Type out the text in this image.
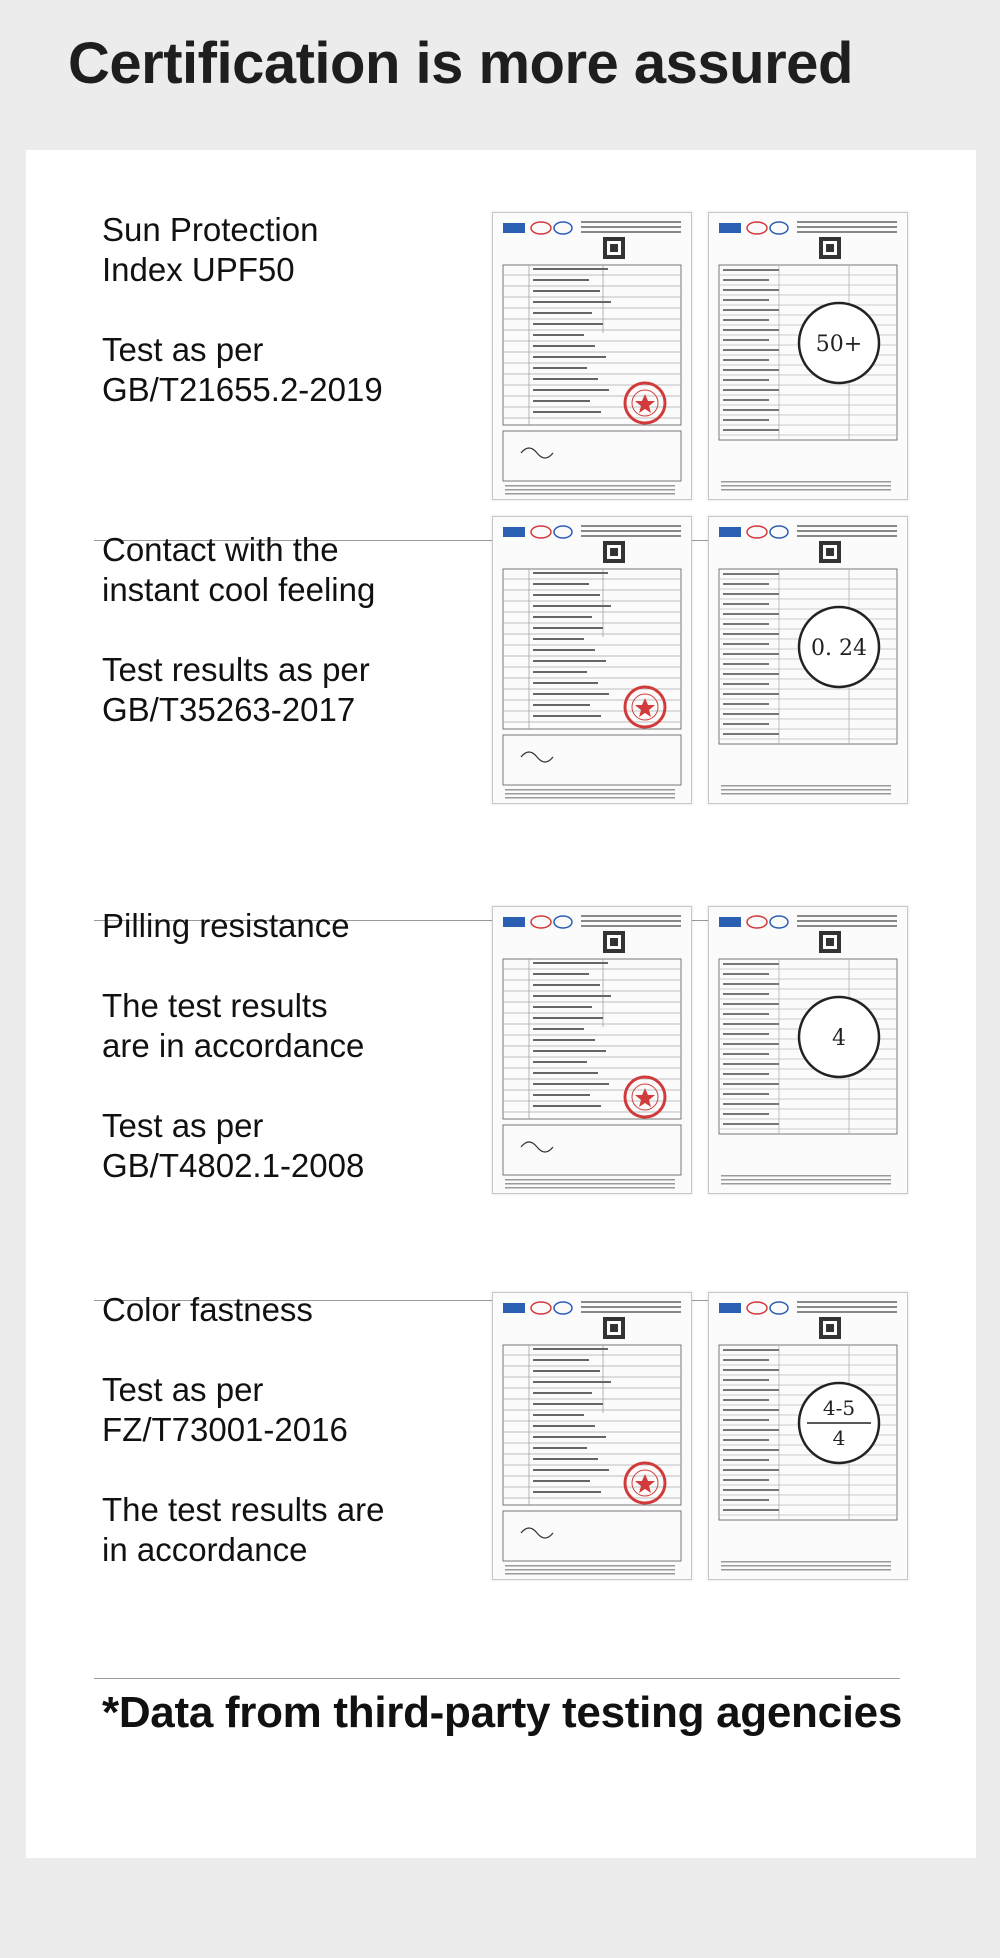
Certification is more assured
Sun Protection
Index UPF50
Test as per
GB/T21655.2-2019
50+
Contact with the
instant cool feeling
Test results as per
GB/T35263-2017
0. 24
Pilling resistance
The test results
are in accordance
Test as per
GB/T4802.1-2008
4
Color fastness
Test as per
FZ/T73001-2016
The test results are
in accordance
4-5
4
*Data from third-party testing agencies
